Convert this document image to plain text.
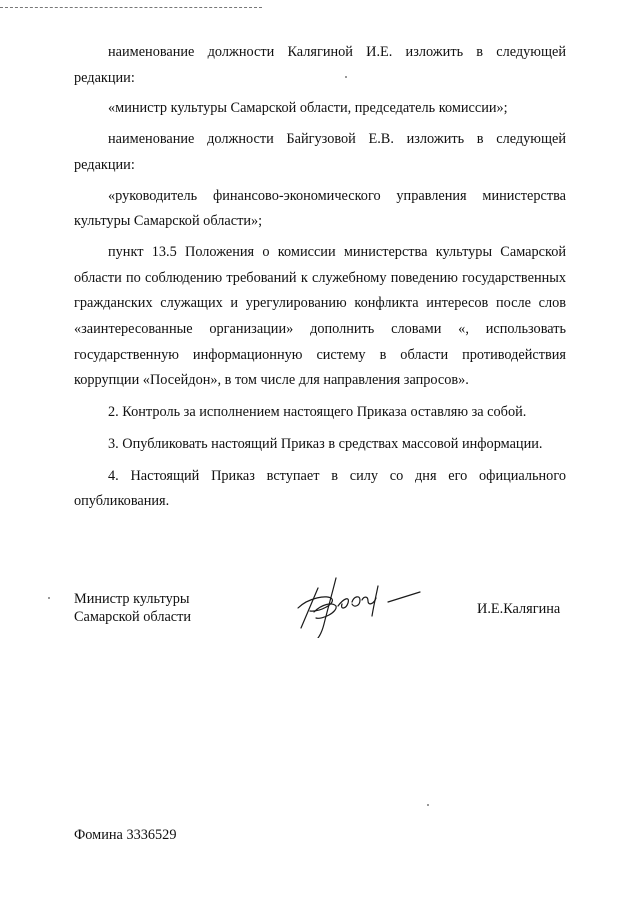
наименование должности Калягиной И.Е. изложить в следующей редакции:

«министр культуры Самарской области, председатель комиссии»;

наименование должности Байгузовой Е.В. изложить в следующей редакции:

«руководитель финансово-экономического управления министерства культуры Самарской области»;

пункт 13.5 Положения о комиссии министерства культуры Самарской области по соблюдению требований к служебному поведению государственных гражданских служащих и урегулированию конфликта интересов после слов «заинтересованные организации» дополнить словами «, использовать государственную информационную систему в области противодействия коррупции «Посейдон», в том числе для направления запросов».

2. Контроль за исполнением настоящего Приказа оставляю за собой.

3. Опубликовать настоящий Приказ в средствах массовой информации.

4. Настоящий Приказ вступает в силу со дня его официального опубликования.

Министр культуры
Самарской области	И.Е.Калягина
Фомина 3336529
